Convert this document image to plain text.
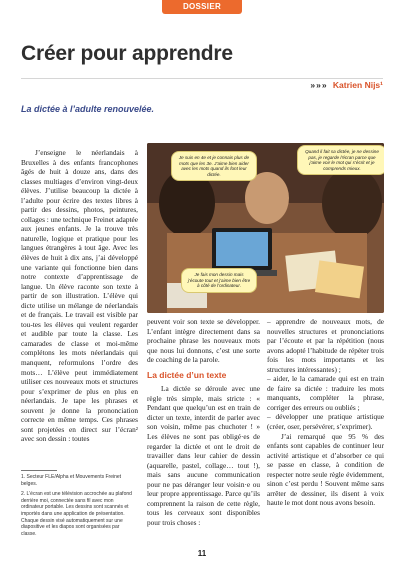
DOSSIER
Créer pour apprendre
»»» Katrien Nijs¹
La dictée à l’adulte renouvelée.

J’enseigne le néerlandais à Bruxelles à des enfants francophones âgés de huit à douze ans, dans des classes multiages d’environ vingt-deux élèves. J’utilise beaucoup la dictée à l’adulte pour écrire des textes libres à partir des dessins, photos, peintures, collages : une technique Freinet adaptée aux jeunes enfants. Je la trouve très naturelle, logique et pratique pour les langues étrangères à tout âge. Avec les élèves de huit à dix ans, j’ai développé une variante qui fonctionne bien dans notre contexte d’apprentissage de langue. Un élève raconte son texte à partir de son illustration. L’élève qui dicte utilise un mélange de néerlandais et de français. Le travail est visible par tou-tes les élèves qui veulent regarder et audible par toute la classe. Les camarades de classe et moi-même complétons les mots néerlandais qui manquent, reformulons l’ordre des mots… L’élève peut immédiatement utiliser ces nouveaux mots et structures pour s’exprimer de plus en plus en néerlandais. Je tape les phrases et souvent je donne la prononciation correcte en même temps. Ces phrases sont projetées en direct sur l’écran² avec son dessin : toutes

Je suis en 4e et je connais plus de mots que les 3e. J’aime bien aider avec les mots quand ils font leur dictée.
Quand il fait sa dictée, je ne dessine pas, je regarde l’écran parce que j’aime voir le mot qui s’écrit et je comprends mieux.
Je fais mon dessin mais j’écoute tout et j’aime bien être à côté de l’ordinateur.

peuvent voir son texte se développer. L’enfant intègre directement dans sa prochaine phrase les nouveaux mots que nous lui donnons, c’est une sorte de coaching de la parole.

La dictée d’un texte

La dictée se déroule avec une règle très simple, mais stricte : « Pendant que quelqu’un est en train de dicter un texte, interdit de parler avec son voisin, même pas chuchoter ! » Les élèves ne sont pas obligé·es de regarder la dictée et ont le droit de travailler dans leur cahier de dessin (aquarelle, pastel, collage… tout !), mais sans aucune communication pour ne pas déranger leur voisin·e ou leur propre apprentissage. Parce qu’ils comprennent la raison de cette règle, tous les cerveaux sont disponibles pour trois choses :

– apprendre de nouveaux mots, de nouvelles structures et prononciations par l’écoute et par la répétition (nous avons adopté l’habitude de répéter trois fois les mots importants et les structures intéressantes) ;

– aider, le la camarade qui est en train de faire sa dictée : traduire les mots manquants, compléter la phrase, corriger des erreurs ou oubliés ;

– développer une pratique artistique (créer, oser, persévérer, s’exprimer).

J’ai remarqué que 95 % des enfants sont capables de continuer leur activité artistique et d’absorber ce qui se passe en classe, à condition de respecter notre seule règle évidemment, sinon c’est perdu ! Souvent même sans arrêter de dessiner, ils disent à voix haute le mot dont nous avons besoin.

1. Secteur FLE/Alpha et Mouvements Freinet belges.

2. L’écran est une télévision accrochée au plafond derrière moi, connectée sans fil avec mon ordinateur portable. Les dessins sont scannés et importés dans une application de présentation. Chaque dessin visé automatiquement sur une diapositive et les diapos sont organisées par classe.

11
